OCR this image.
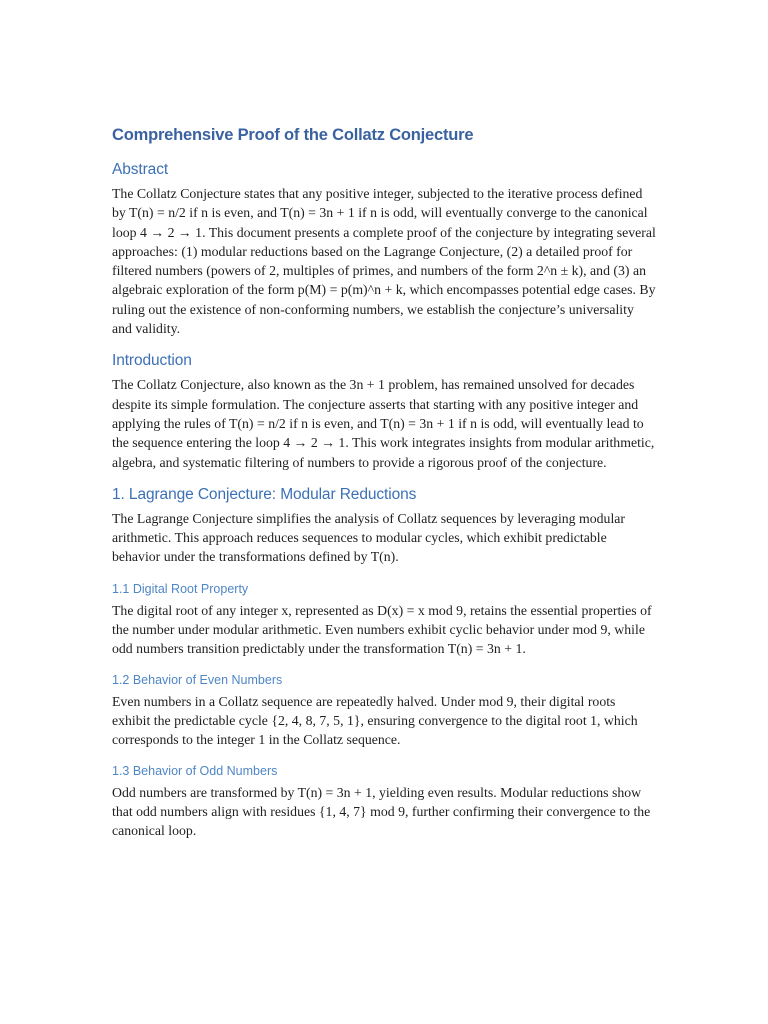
Comprehensive Proof of the Collatz Conjecture
Abstract

The Collatz Conjecture states that any positive integer, subjected to the iterative process defined by T(n) = n/2 if n is even, and T(n) = 3n + 1 if n is odd, will eventually converge to the canonical loop 4 → 2 → 1. This document presents a complete proof of the conjecture by integrating several approaches: (1) modular reductions based on the Lagrange Conjecture, (2) a detailed proof for filtered numbers (powers of 2, multiples of primes, and numbers of the form 2^n ± k), and (3) an algebraic exploration of the form p(M) = p(m)^n + k, which encompasses potential edge cases. By ruling out the existence of non-conforming numbers, we establish the conjecture’s universality and validity.

Introduction

The Collatz Conjecture, also known as the 3n + 1 problem, has remained unsolved for decades despite its simple formulation. The conjecture asserts that starting with any positive integer and applying the rules of T(n) = n/2 if n is even, and T(n) = 3n + 1 if n is odd, will eventually lead to the sequence entering the loop 4 → 2 → 1. This work integrates insights from modular arithmetic, algebra, and systematic filtering of numbers to provide a rigorous proof of the conjecture.

1. Lagrange Conjecture: Modular Reductions

The Lagrange Conjecture simplifies the analysis of Collatz sequences by leveraging modular arithmetic. This approach reduces sequences to modular cycles, which exhibit predictable behavior under the transformations defined by T(n).

1.1 Digital Root Property

The digital root of any integer x, represented as D(x) = x mod 9, retains the essential properties of the number under modular arithmetic. Even numbers exhibit cyclic behavior under mod 9, while odd numbers transition predictably under the transformation T(n) = 3n + 1.

1.2 Behavior of Even Numbers

Even numbers in a Collatz sequence are repeatedly halved. Under mod 9, their digital roots exhibit the predictable cycle {2, 4, 8, 7, 5, 1}, ensuring convergence to the digital root 1, which corresponds to the integer 1 in the Collatz sequence.

1.3 Behavior of Odd Numbers

Odd numbers are transformed by T(n) = 3n + 1, yielding even results. Modular reductions show that odd numbers align with residues {1, 4, 7} mod 9, further confirming their convergence to the canonical loop.
